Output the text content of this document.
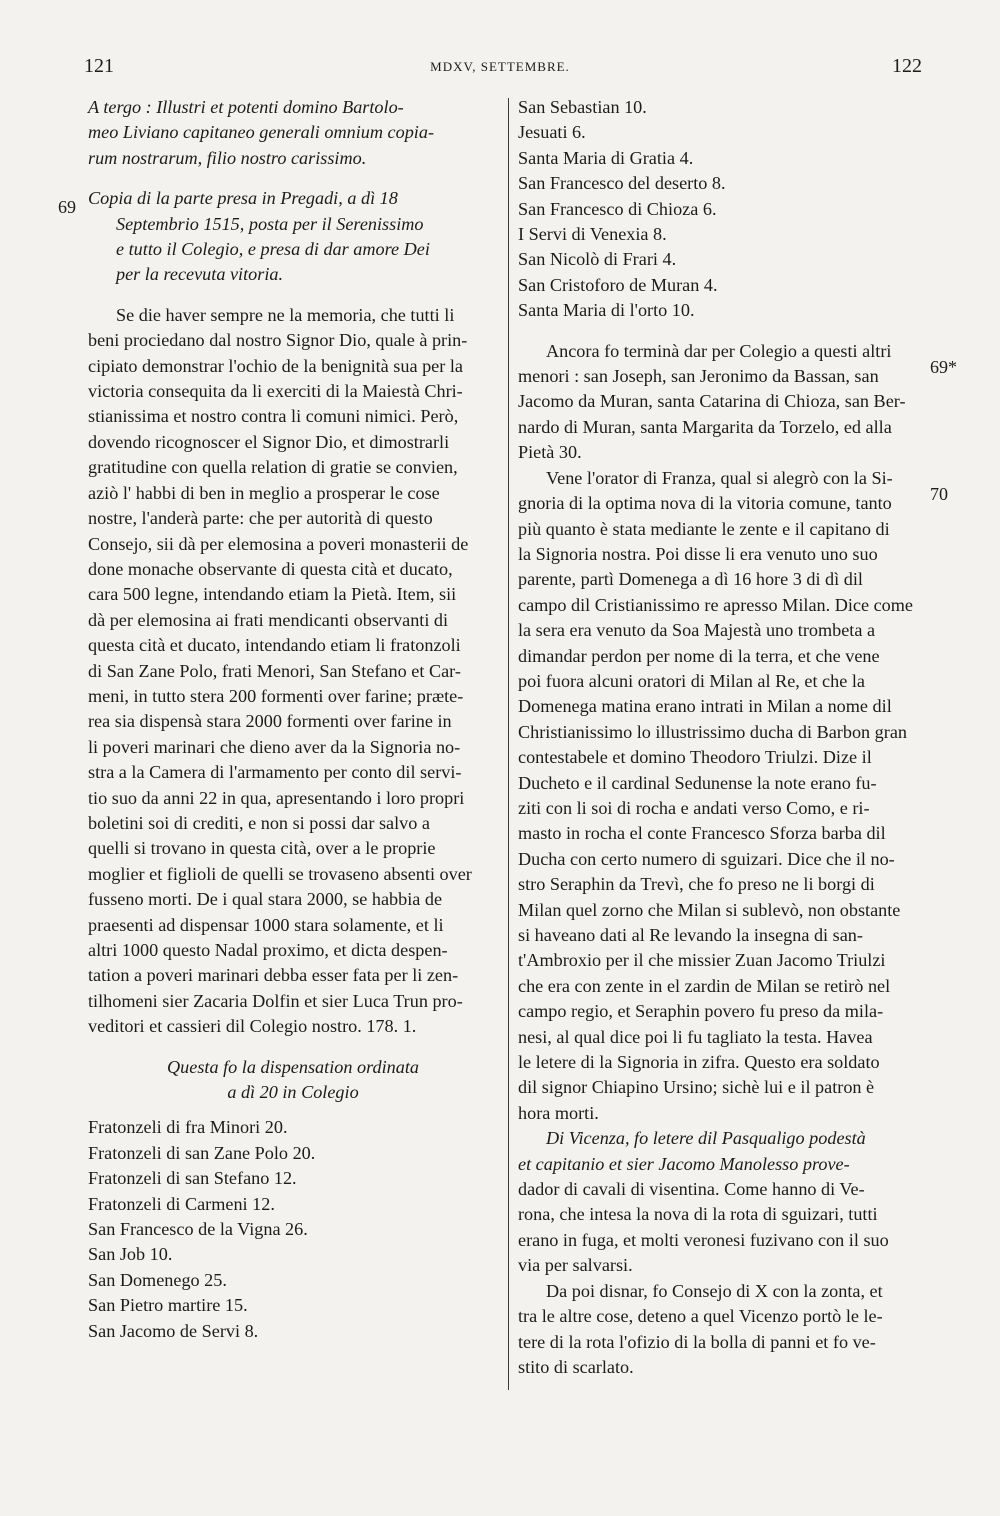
121	MDXV, SETTEMBRE.	122
69
69*
70

A tergo : Illustri et potenti domino Bartolo-

meo Liviano capitaneo generali omnium copia-

rum nostrarum, filio nostro carissimo.

Copia di la parte presa in Pregadi, a dì 18

Septembrio 1515, posta per il Serenissimo

e tutto il Colegio, e presa di dar amore Dei

per la recevuta vitoria.

Se die haver sempre ne la memoria, che tutti li

beni prociedano dal nostro Signor Dio, quale à prin-

cipiato demonstrar l'ochio de la benignità sua per la

victoria consequita da li exerciti di la Maiestà Chri-

stianissima et nostro contra li comuni nimici. Però,

dovendo ricognoscer el Signor Dio, et dimostrarli

gratitudine con quella relation di gratie se convien,

aziò l' habbi di ben in meglio a prosperar le cose

nostre, l'anderà parte: che per autorità di questo

Consejo, sii dà per elemosina a poveri monasterii de

done monache observante di questa cità et ducato,

cara 500 legne, intendando etiam la Pietà. Item, sii

dà per elemosina ai frati mendicanti observanti di

questa cità et ducato, intendando etiam li fratonzoli

di San Zane Polo, frati Menori, San Stefano et Car-

meni, in tutto stera 200 formenti over farine; præte-

rea sia dispensà stara 2000 formenti over farine in

li poveri marinari che dieno aver da la Signoria no-

stra a la Camera di l'armamento per conto dil servi-

tio suo da anni 22 in qua, apresentando i loro propri

boletini soi di crediti, e non si possi dar salvo a

quelli si trovano in questa cità, over a le proprie

moglier et figlioli de quelli se trovaseno absenti over

fusseno morti. De i qual stara 2000, se habbia de

praesenti ad dispensar 1000 stara solamente, et li

altri 1000 questo Nadal proximo, et dicta despen-

tation a poveri marinari debba esser fata per li zen-

tilhomeni sier Zacaria Dolfin et sier Luca Trun pro-

veditori et cassieri dil Colegio nostro. 178. 1.

Questa fo la dispensation ordinata

a dì 20 in Colegio

Fratonzeli di fra Minori 20.

Fratonzeli di san Zane Polo 20.

Fratonzeli di san Stefano 12.

Fratonzeli di Carmeni 12.

San Francesco de la Vigna 26.

San Job 10.

San Domenego 25.

San Pietro martire 15.

San Jacomo de Servi 8.

San Sebastian 10.

Jesuati 6.

Santa Maria di Gratia 4.

San Francesco del deserto 8.

San Francesco di Chioza 6.

I Servi di Venexia 8.

San Nicolò di Frari 4.

San Cristoforo de Muran 4.

Santa Maria di l'orto 10.

Ancora fo terminà dar per Colegio a questi altri

menori : san Joseph, san Jeronimo da Bassan, san

Jacomo da Muran, santa Catarina di Chioza, san Ber-

nardo di Muran, santa Margarita da Torzelo, ed alla

Pietà 30.

Vene l'orator di Franza, qual si alegrò con la Si-

gnoria di la optima nova di la vitoria comune, tanto

più quanto è stata mediante le zente e il capitano di

la Signoria nostra. Poi disse li era venuto uno suo

parente, partì Domenega a dì 16 hore 3 di dì dil

campo dil Cristianissimo re apresso Milan. Dice come

la sera era venuto da Soa Majestà uno trombeta a

dimandar perdon per nome di la terra, et che vene

poi fuora alcuni oratori di Milan al Re, et che la

Domenega matina erano intrati in Milan a nome dil

Christianissimo lo illustrissimo ducha di Barbon gran

contestabele et domino Theodoro Triulzi. Dize il

Ducheto e il cardinal Sedunense la note erano fu-

ziti con li soi di rocha e andati verso Como, e ri-

masto in rocha el conte Francesco Sforza barba dil

Ducha con certo numero di sguizari. Dice che il no-

stro Seraphin da Trevì, che fo preso ne li borgi di

Milan quel zorno che Milan si sublevò, non obstante

si haveano dati al Re levando la insegna di san-

t'Ambroxio per il che missier Zuan Jacomo Triulzi

che era con zente in el zardin de Milan se retirò nel

campo regio, et Seraphin povero fu preso da mila-

nesi, al qual dice poi li fu tagliato la testa. Havea

le letere di la Signoria in zifra. Questo era soldato

dil signor Chiapino Ursino; sichè lui e il patron è

hora morti.

Di Vicenza, fo letere dil Pasqualigo podestà

et capitanio et sier Jacomo Manolesso prove-

dador di cavali di visentina. Come hanno di Ve-

rona, che intesa la nova di la rota di sguizari, tutti

erano in fuga, et molti veronesi fuzivano con il suo

via per salvarsi.

Da poi disnar, fo Consejo di X con la zonta, et

tra le altre cose, deteno a quel Vicenzo portò le le-

tere di la rota l'ofizio di la bolla di panni et fo ve-

stito di scarlato.
